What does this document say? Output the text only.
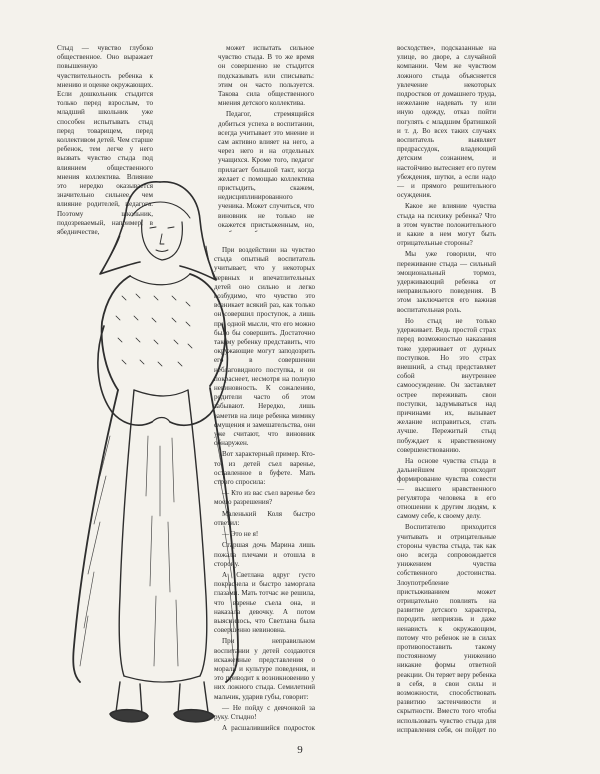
Стыд — чувство глубоко общественное. Оно выражает повышенную чувствительность ребенка к мнению и оценке окружающих. Если дошкольник стыдится только перед взрослым, то младший школьник уже способен испытывать стыд перед товарищем, перед коллективом детей. Чем старше ребенок, тем легче у него вызвать чувство стыда под влиянием общественного мнения коллектива. Влияние это нередко оказывается значительно сильнее, чем влияние родителей, педагога. Поэтому школьник, подозреваемый, например, в ябедничестве,

может испытать сильное чувство стыда. В то же время он совершенно не стыдится подсказывать или списывать: этим он часто пользуется. Такова сила общественного мнения детского коллектива.

Педагог, стремящийся добиться успеха в воспитании, всегда учитывает это мнение и сам активно влияет на него, а через него и на отдельных учащихся. Кроме того, педагог прилагает большой такт, когда желает с помощью коллектива пристыдить, скажем, недисциплинированного ученика. Может случиться, что виновник не только не окажется пристыженным, но,

При воздействии на чувство стыда опытный воспитатель учитывает, что у некоторых нервных и впечатлительных детей оно сильно и легко возбудимо, что чувство это возникает всякий раз, как только он совершил проступок, а лишь при одной мысли, что его можно было бы совершить. Достаточно такому ребенку представить, что окружающие могут заподозрить его в совершении неблаговидного поступка, и он покраснеет, несмотря на полную невиновность. К сожалению, родители часто об этом забывают. Нередко, лишь заметив на лице ребенка мимику смущения и замешательства, они уже считают, что виновник обнаружен.

Вот характерный пример. Кто-то из детей съел варенье, оставленное в буфете. Мать строго спросила:

— Кто из вас съел варенье без моего разрешения?

Маленький Коля быстро ответил:

— Это не я!

Старшая дочь Марина лишь пожала плечами и отошла в сторону.

А Светлана вдруг густо покраснела и быстро заморгала глазами. Мать тотчас же решила, что варенье съела она, и наказала девочку. А потом выяснилось, что Светлана была совершенно невиновна.

При неправильном воспитании у детей создаются искаженные представления о морали и культуре поведения, и это приводит к возникновению у них ложного стыда. Семилетний мальчик, ударив губы, говорит:

— Не пойду с девчонкой за руку. Стыдно!

А расшалившийся подросток

восходстве», подсказанные на улице, во дворе, а случайной компании. Чем же чувством ложного стыда объясняется увлечение некоторых подростков от домашнего труда, нежелание надевать ту или иную одежду, отказ пойти погулять с младшим братишкой и т. д. Во всех таких случаях воспитатель выявляет предрассудок, владеющий детским сознанием, и настойчиво вытесняет его путем убеждения, шутки, а если надо — и прямого решительного осуждения.

Какое же влияние чувства стыда на психику ребенка? Что в этом чувстве положительного и какие в нем могут быть отрицательные стороны?

Мы уже говорили, что переживание стыда — сильный эмоциональный тормоз, удерживающий ребенка от неправильного поведения. В этом заключается его важная воспитательная роль.

Но стыд не только удерживает. Ведь простой страх перед возможностью наказания тоже удерживает от дурных поступков. Но это страх внешний, а стыд представляет собой внутреннее самоосуждение. Он заставляет острее переживать свои поступки, задумываться над причинами их, вызывает желание исправиться, стать лучше. Пережитый стыд побуждает к нравственному совершенствованию.

На основе чувства стыда в дальнейшем происходит формирование чувства совести — высшего нравственного регулятора человека в его отношении к другим людям, к самому себе, к своему делу.

Воспитателю приходится учитывать и отрицательные стороны чувства стыда, так как оно всегда сопровождается унижением чувства собственного достоинства. Злоупотребление пристыживанием может отрицательно повлиять на развитие детского характера, породить неприязнь и даже ненависть к окружающим, потому что ребенок не в силах противопоставить такому постоянному унижению никакие формы ответной реакции. Он теряет веру ребенка в себя, в свои силы и возможности, способствовать развитию застенчивости и скрытности. Вместо того чтобы использовать чувство стыда для исправления себя, он пойдет по

9
